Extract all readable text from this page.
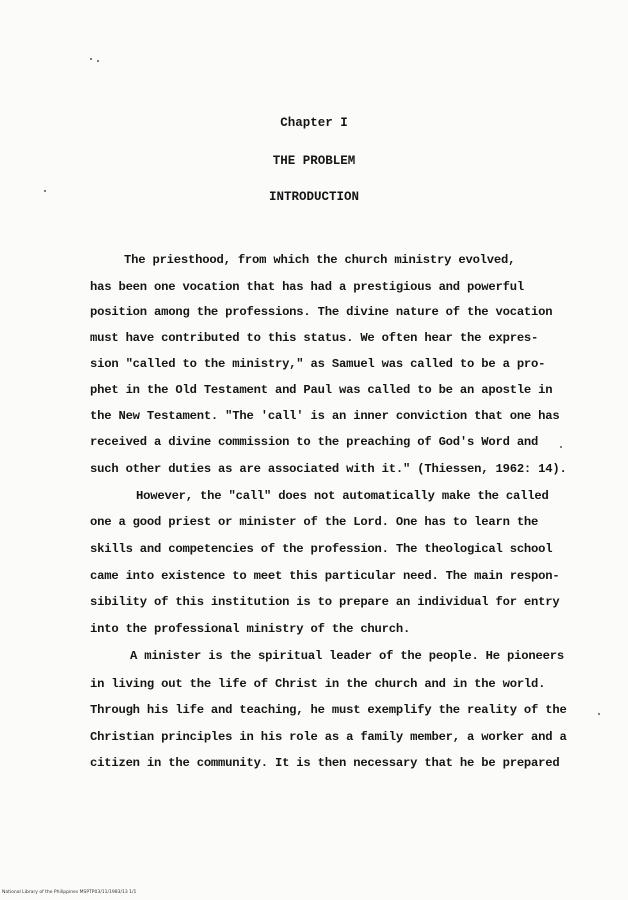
Chapter I
THE PROBLEM
INTRODUCTION
The priesthood, from which the church ministry evolved,
has been one vocation that has had a prestigious and powerful
position among the professions. The divine nature of the vocation
must have contributed to this status. We often hear the expres-
sion "called to the ministry," as Samuel was called to be a pro-
phet in the Old Testament and Paul was called to be an apostle in
the New Testament. "The 'call' is an inner conviction that one has
received a divine commission to the preaching of God's Word and
such other duties as are associated with it." (Thiessen, 1962: 14).
However, the "call" does not automatically make the called
one a good priest or minister of the Lord. One has to learn the
skills and competencies of the profession. The theological school
came into existence to meet this particular need. The main respon-
sibility of this institution is to prepare an individual for entry
into the professional ministry of the church.
A minister is the spiritual leader of the people. He pioneers
in living out the life of Christ in the church and in the world.
Through his life and teaching, he must exemplify the reality of the
Christian principles in his role as a family member, a worker and a
citizen in the community. It is then necessary that he be prepared
National Library of the Philippines MSPTP03/11/1983/13 1/1
